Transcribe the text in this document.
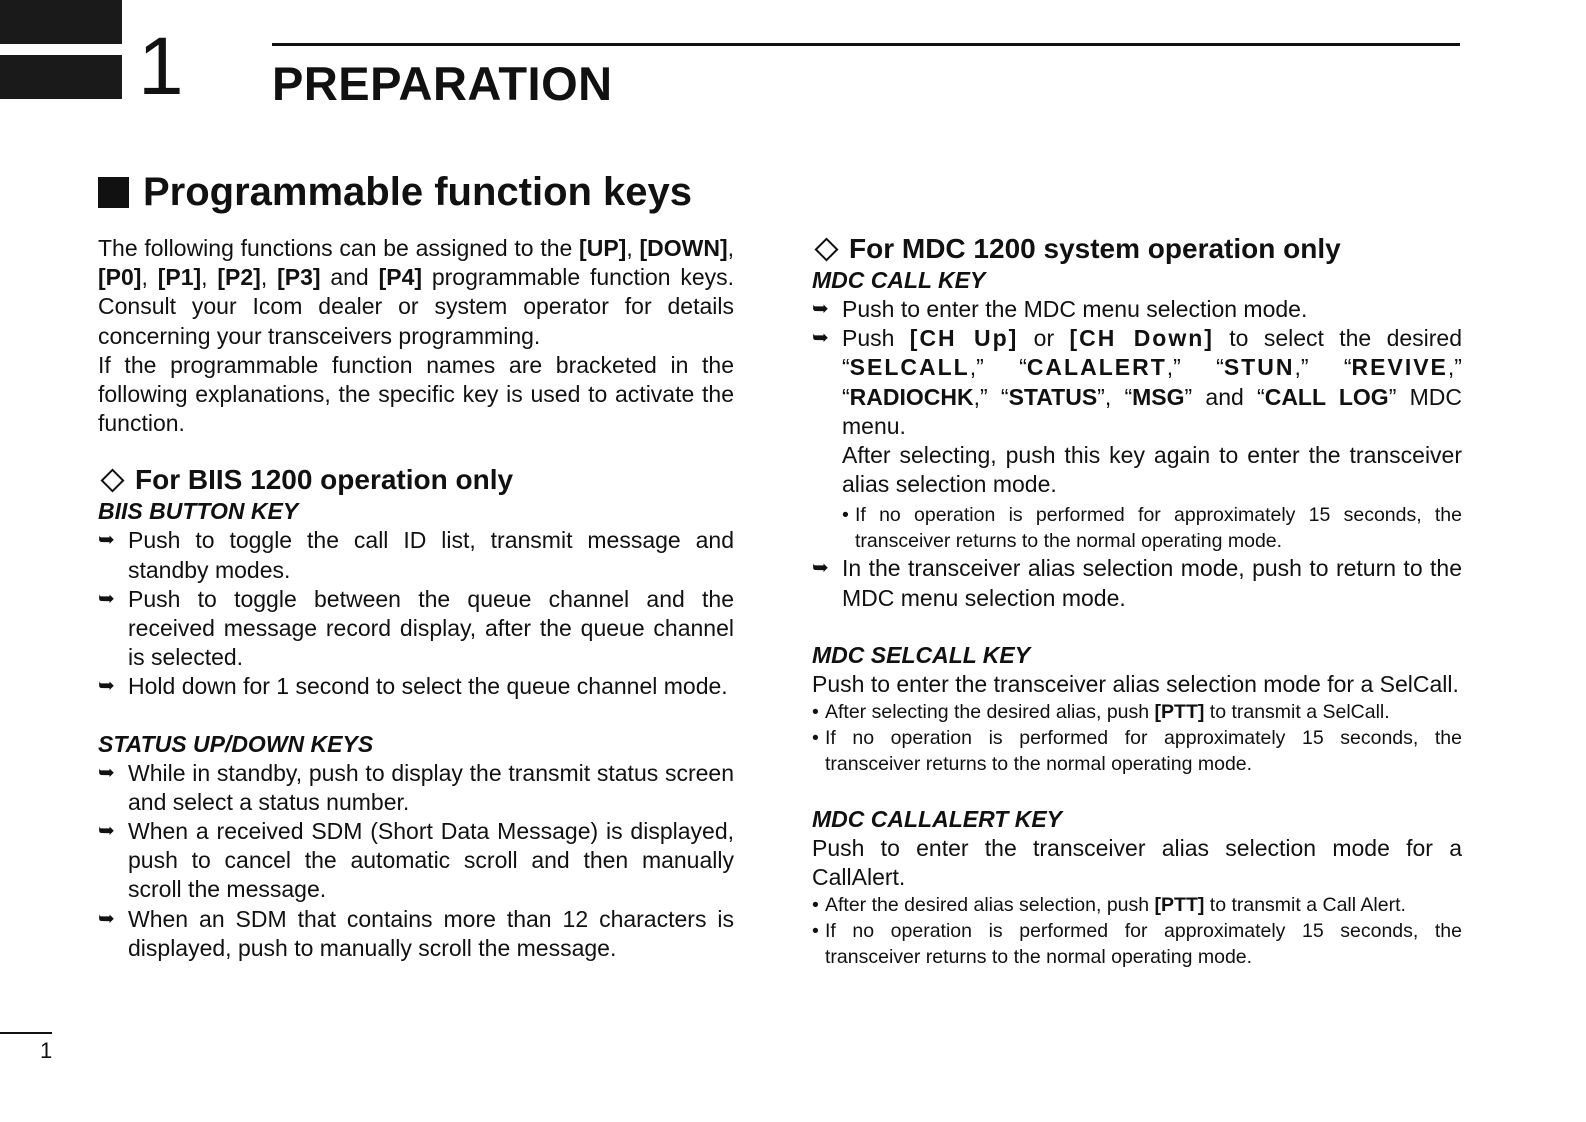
1 PREPARATION
Programmable function keys
The following functions can be assigned to the [UP], [DOWN], [P0], [P1], [P2], [P3] and [P4] programmable function keys. Consult your Icom dealer or system operator for details concerning your transceivers programming.
If the programmable function names are bracketed in the following explanations, the specific key is used to activate the function.
For BIIS 1200 operation only
BIIS BUTTON KEY
➥ Push to toggle the call ID list, transmit message and standby modes.
➥ Push to toggle between the queue channel and the received message record display, after the queue channel is selected.
➥ Hold down for 1 second to select the queue channel mode.
STATUS UP/DOWN KEYS
➥ While in standby, push to display the transmit status screen and select a status number.
➥ When a received SDM (Short Data Message) is displayed, push to cancel the automatic scroll and then manually scroll the message.
➥ When an SDM that contains more than 12 characters is displayed, push to manually scroll the message.
For MDC 1200 system operation only
MDC CALL KEY
➥ Push to enter the MDC menu selection mode.
➥ Push [CH Up] or [CH Down] to select the desired “SELCALL,” “CALALERT,” “STUN,” “REVIVE,” “RADIOCHK,” “STATUS”, “MSG” and “CALL LOG” MDC menu.
After selecting, push this key again to enter the transceiver alias selection mode.
• If no operation is performed for approximately 15 seconds, the transceiver returns to the normal operating mode.
➥ In the transceiver alias selection mode, push to return to the MDC menu selection mode.
MDC SELCALL KEY
Push to enter the transceiver alias selection mode for a SelCall.
• After selecting the desired alias, push [PTT] to transmit a SelCall.
• If no operation is performed for approximately 15 seconds, the transceiver returns to the normal operating mode.
MDC CALLALERT KEY
Push to enter the transceiver alias selection mode for a CallAlert.
• After the desired alias selection, push [PTT] to transmit a Call Alert.
• If no operation is performed for approximately 15 seconds, the transceiver returns to the normal operating mode.
1
